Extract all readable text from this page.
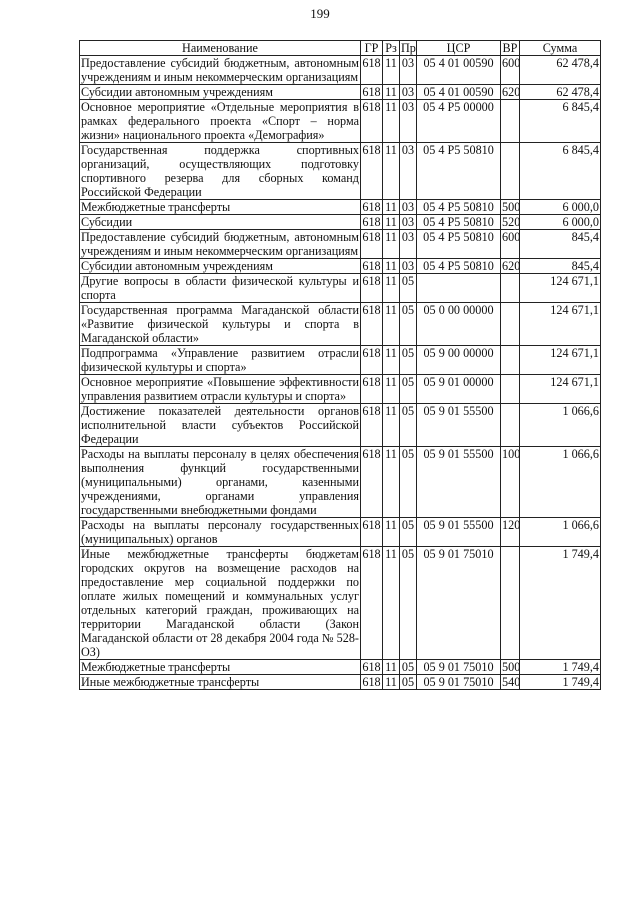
199
Наименование	ГР	Рз	Пр	ЦСР	ВР	Сумма
Предоставление субсидий бюджетным, автономным учреждениям и иным некоммерческим организациям	618	11	03	05 4 01 00590	600	62 478,4
Субсидии автономным учреждениям	618	11	03	05 4 01 00590	620	62 478,4
Основное мероприятие «Отдельные мероприятия в рамках федерального проекта «Спорт – норма жизни» национального проекта «Демография»	618	11	03	05 4 P5 00000		6 845,4
Государственная поддержка спортивных организаций, осуществляющих подготовку спортивного резерва для сборных команд Российской Федерации	618	11	03	05 4 P5 50810		6 845,4
Межбюджетные трансферты	618	11	03	05 4 P5 50810	500	6 000,0
Субсидии	618	11	03	05 4 P5 50810	520	6 000,0
Предоставление субсидий бюджетным, автономным учреждениям и иным некоммерческим организациям	618	11	03	05 4 P5 50810	600	845,4
Субсидии автономным учреждениям	618	11	03	05 4 P5 50810	620	845,4
Другие вопросы в области физической культуры и спорта	618	11	05			124 671,1
Государственная программа Магаданской области «Развитие физической культуры и спорта в Магаданской области»	618	11	05	05 0 00 00000		124 671,1
Подпрограмма «Управление развитием отрасли физической культуры и спорта»	618	11	05	05 9 00 00000		124 671,1
Основное мероприятие «Повышение эффективности управления развитием отрасли культуры и спорта»	618	11	05	05 9 01 00000		124 671,1
Достижение показателей деятельности органов исполнительной власти субъектов Российской Федерации	618	11	05	05 9 01 55500		1 066,6
Расходы на выплаты персоналу в целях обеспечения выполнения функций государственными (муниципальными) органами, казенными учреждениями, органами управления государственными внебюджетными фондами	618	11	05	05 9 01 55500	100	1 066,6
Расходы на выплаты персоналу государственных (муниципальных) органов	618	11	05	05 9 01 55500	120	1 066,6
Иные межбюджетные трансферты бюджетам городских округов на возмещение расходов на предоставление мер социальной поддержки по оплате жилых помещений и коммунальных услуг отдельных категорий граждан, проживающих на территории Магаданской области (Закон Магаданской области от 28 декабря 2004 года № 528-ОЗ)	618	11	05	05 9 01 75010		1 749,4
Межбюджетные трансферты	618	11	05	05 9 01 75010	500	1 749,4
Иные межбюджетные трансферты	618	11	05	05 9 01 75010	540	1 749,4
